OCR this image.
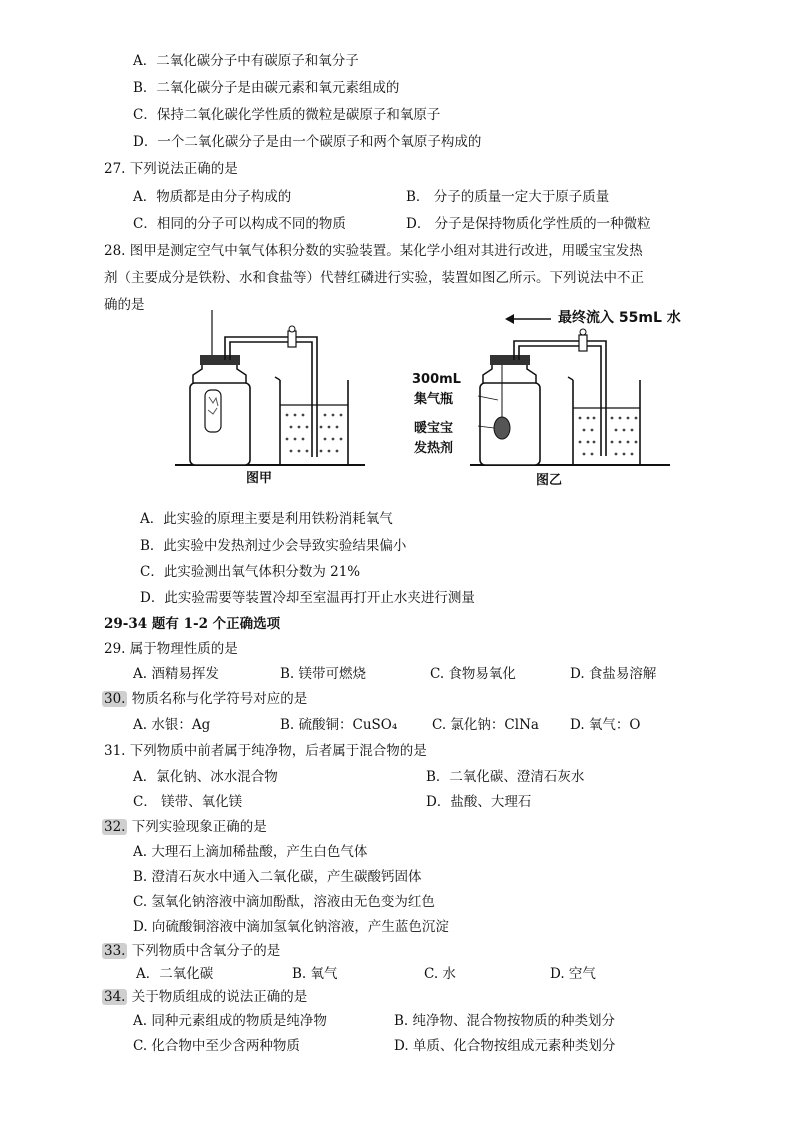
A．二氧化碳分子中有碳原子和氧分子
B．二氧化碳分子是由碳元素和氧元素组成的
C．保持二氧化碳化学性质的微粒是碳原子和氧原子
D．一个二氧化碳分子是由一个碳原子和两个氧原子构成的
27. 下列说法正确的是
A．物质都是由分子构成的	B． 分子的质量一定大于原子质量
C．相同的分子可以构成不同的物质	D． 分子是保持物质化学性质的一种微粒
28. 图甲是测定空气中氧气体积分数的实验装置。某化学小组对其进行改进，用暖宝宝发热
剂（主要成分是铁粉、水和食盐等）代替红磷进行实验，装置如图乙所示。下列说法中不正
确的是
图甲
最终流入 55mL 水
300mL
集气瓶
暖宝宝
发热剂
图乙
A．此实验的原理主要是利用铁粉消耗氧气
B．此实验中发热剂过少会导致实验结果偏小
C．此实验测出氧气体积分数为 21%
D．此实验需要等装置冷却至室温再打开止水夹进行测量
29-34 题有 1-2 个正确选项
29. 属于物理性质的是
A. 酒精易挥发	B. 镁带可燃烧	C. 食物易氧化	D. 食盐易溶解
30. 物质名称与化学符号对应的是
A. 水银：Ag	B. 硫酸铜：CuSO₄	C. 氯化钠：ClNa D. 氧气：O
31. 下列物质中前者属于纯净物，后者属于混合物的是
A．氯化钠、冰水混合物	B．二氧化碳、澄清石灰水
C． 镁带、氧化镁	D．盐酸、大理石
32. 下列实验现象正确的是
A. 大理石上滴加稀盐酸，产生白色气体
B. 澄清石灰水中通入二氧化碳，产生碳酸钙固体
C. 氢氧化钠溶液中滴加酚酞，溶液由无色变为红色
D. 向硫酸铜溶液中滴加氢氧化钠溶液，产生蓝色沉淀
33. 下列物质中含氧分子的是
A．二氧化碳	B. 氧气	C. 水	D. 空气
34. 关于物质组成的说法正确的是
A. 同种元素组成的物质是纯净物	B. 纯净物、混合物按物质的种类划分
C. 化合物中至少含两种物质	D. 单质、化合物按组成元素种类划分
